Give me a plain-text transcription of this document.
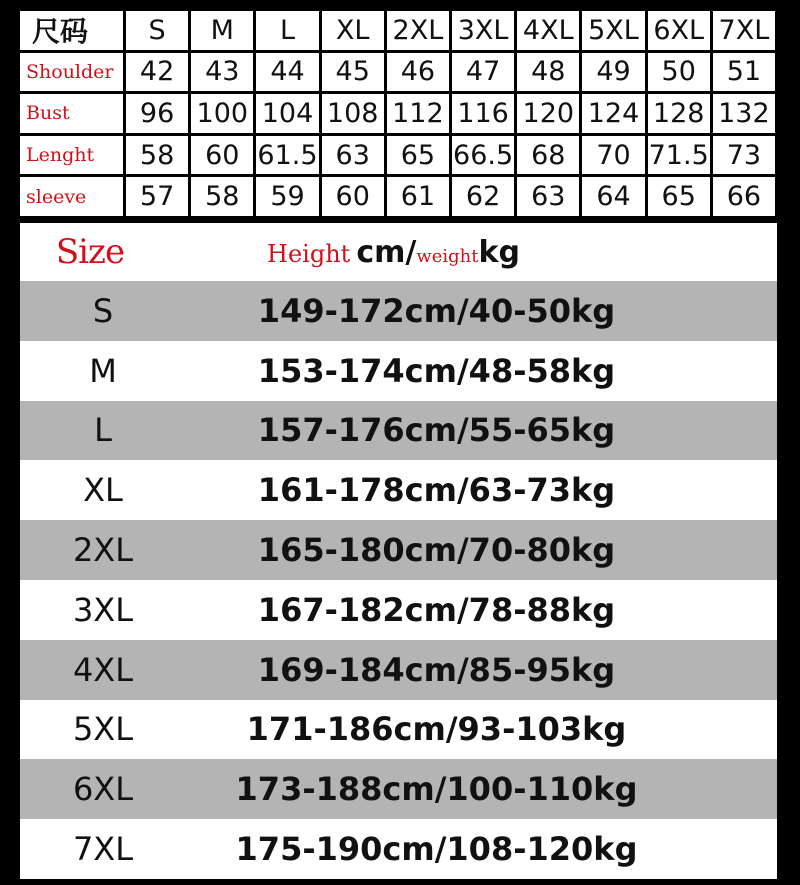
尺码	S	M	L	XL 2XL 3XL 4XL 5XL 6XL 7XL
Shoulder 42	43	44	45	46	47	48	49	50	51
Bust	96 100 104 108 112 116 120 124 128 132
Lenght	58	60 61.5 63	65 66.5 68	70 71.5 73
sleeve	57	58	59	60	61	62	63	64	65	66
Size	Height cm/ weight kg
S	149-172cm/40-50kg
M	153-174cm/48-58kg
L	157-176cm/55-65kg
XL	161-178cm/63-73kg
2XL	165-180cm/70-80kg
3XL	167-182cm/78-88kg
4XL	169-184cm/85-95kg
5XL	171-186cm/93-103kg
6XL	173-188cm/100-110kg
7XL	175-190cm/108-120kg
